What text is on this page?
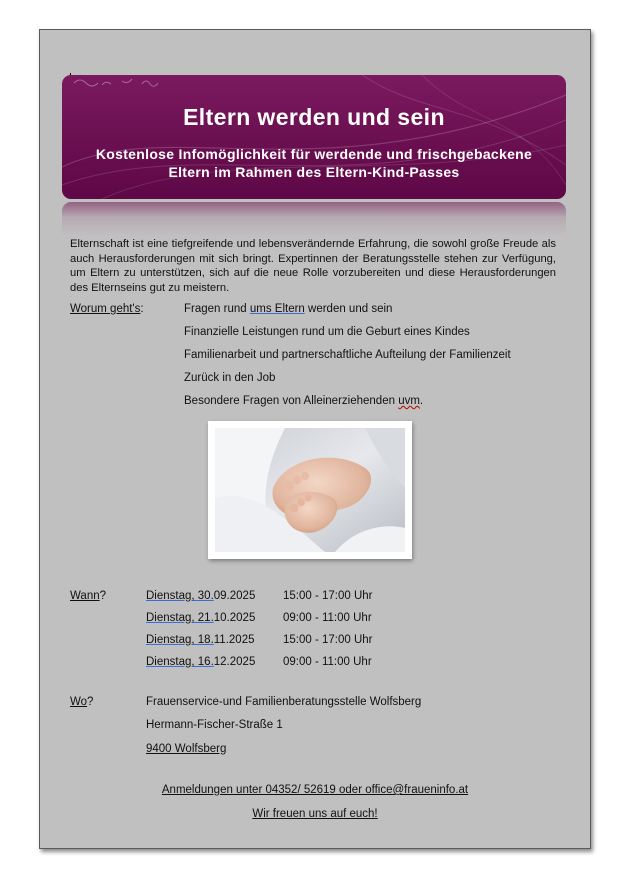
Eltern werden und sein
Kostenlose Infomöglichkeit für werdende und frischgebackene
Eltern im Rahmen des Eltern-Kind-Passes

Elternschaft ist eine tiefgreifende und lebensverändernde Erfahrung, die sowohl große Freude als auch Herausforderungen mit sich bringt. Expertinnen der Beratungsstelle stehen zur Verfügung, um Eltern zu unterstützen, sich auf die neue Rolle vorzubereiten und diese Herausforderungen des Elternseins gut zu meistern.

Worum geht's:	Fragen rund ums Eltern werden und sein
Finanzielle Leistungen rund um die Geburt eines Kindes
Familienarbeit und partnerschaftliche Aufteilung der Familienzeit
Zurück in den Job
Besondere Fragen von Alleinerziehenden uvm.
Wann?	Dienstag, 30.09.2025 15:00 - 17:00 Uhr
Dienstag, 21.10.2025 09:00 - 11:00 Uhr
Dienstag, 18.11.2025 15:00 - 17:00 Uhr
Dienstag, 16.12.2025 09:00 - 11:00 Uhr
Wo?	Frauenservice-und Familienberatungsstelle Wolfsberg
Hermann-Fischer-Straße 1
9400 Wolfsberg
Anmeldungen unter 04352/ 52619 oder office@fraueninfo.at
Wir freuen uns auf euch!
